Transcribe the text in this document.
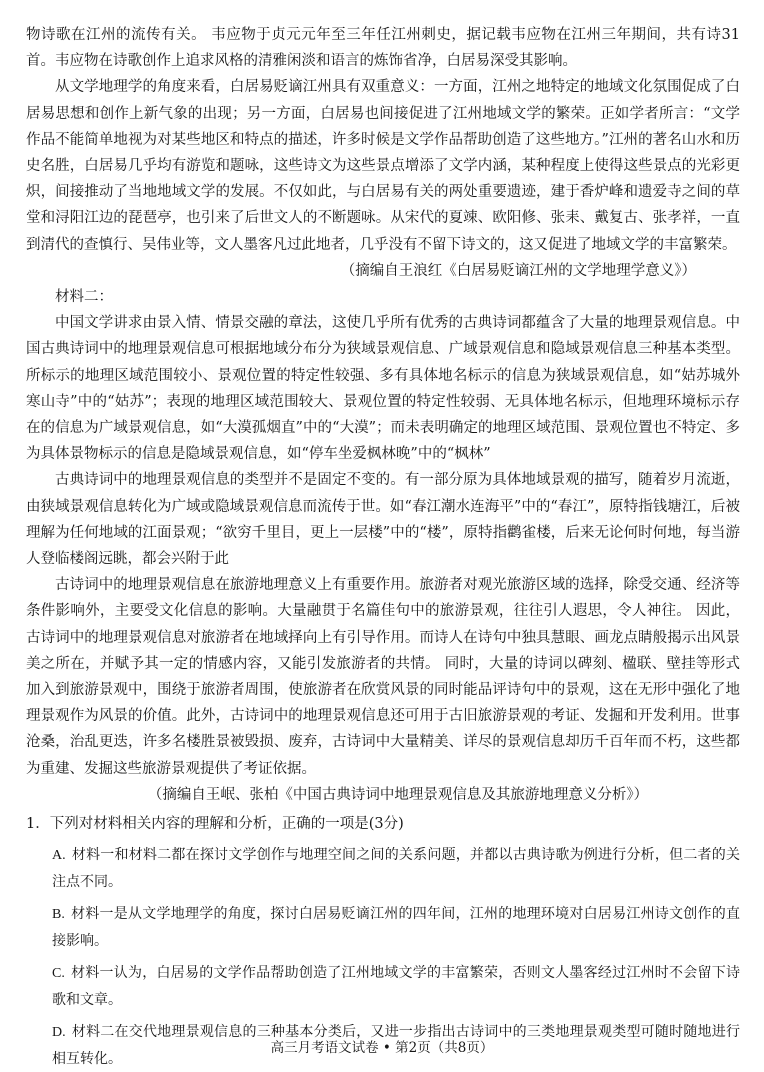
物诗歌在江州的流传有关。 韦应物于贞元元年至三年任江州刺史，据记载韦应物在江州三年期间，共有诗31首。韦应物在诗歌创作上追求风格的清雅闲淡和语言的炼饰省净，白居易深受其影响。

从文学地理学的角度来看，白居易贬谪江州具有双重意义：一方面，江州之地特定的地域文化氛围促成了白居易思想和创作上新气象的出现；另一方面，白居易也间接促进了江州地域文学的繁荣。正如学者所言：“文学作品不能简单地视为对某些地区和特点的描述，许多时候是文学作品帮助创造了这些地方。”江州的著名山水和历史名胜，白居易几乎均有游览和题咏，这些诗文为这些景点增添了文学内涵，某种程度上使得这些景点的光彩更炽，间接推动了当地地域文学的发展。不仅如此，与白居易有关的两处重要遗迹，建于香炉峰和遗爱寺之间的草堂和浔阳江边的琵琶亭，也引来了后世文人的不断题咏。从宋代的夏竦、欧阳修、张耒、戴复古、张孝祥，一直到清代的查慎行、吴伟业等，文人墨客凡过此地者，几乎没有不留下诗文的，这又促进了地域文学的丰富繁荣。

（摘编自王浪红《白居易贬谪江州的文学地理学意义》）

材料二：

中国文学讲求由景入情、情景交融的章法，这使几乎所有优秀的古典诗词都蕴含了大量的地理景观信息。中国古典诗词中的地理景观信息可根据地域分布分为狭域景观信息、广域景观信息和隐域景观信息三种基本类型。所标示的地理区域范围较小、景观位置的特定性较强、多有具体地名标示的信息为狭域景观信息，如“姑苏城外寒山寺”中的“姑苏”；表现的地理区域范围较大、景观位置的特定性较弱、无具体地名标示，但地理环境标示存在的信息为广域景观信息，如“大漠孤烟直”中的“大漠”；而未表明确定的地理区域范围、景观位置也不特定、多为具体景物标示的信息是隐域景观信息，如“停车坐爱枫林晚”中的“枫林”

古典诗词中的地理景观信息的类型并不是固定不变的。有一部分原为具体地域景观的描写，随着岁月流逝，由狭域景观信息转化为广域或隐域景观信息而流传于世。如“春江潮水连海平”中的“春江”，原特指钱塘江，后被理解为任何地域的江面景观；“欲穷千里目，更上一层楼”中的“楼”，原特指鹳雀楼，后来无论何时何地，每当游人登临楼阁远眺，都会兴附于此

古诗词中的地理景观信息在旅游地理意义上有重要作用。旅游者对观光旅游区域的选择，除受交通、经济等条件影响外，主要受文化信息的影响。大量融贯于名篇佳句中的旅游景观，往往引人遐思，令人神往。 因此，古诗词中的地理景观信息对旅游者在地域择向上有引导作用。而诗人在诗句中独具慧眼、画龙点睛般揭示出风景美之所在，并赋予其一定的情感内容，又能引发旅游者的共情。 同时，大量的诗词以碑刻、楹联、壁挂等形式加入到旅游景观中，围绕于旅游者周围，使旅游者在欣赏风景的同时能品评诗句中的景观，这在无形中强化了地理景观作为风景的价值。此外，古诗词中的地理景观信息还可用于古旧旅游景观的考证、发掘和开发利用。世事沧桑，治乱更迭，许多名楼胜景被毁损、废弃，古诗词中大量精美、详尽的景观信息却历千百年而不朽，这些都为重建、发掘这些旅游景观提供了考证依据。

（摘编自王岷、张柏《中国古典诗词中地理景观信息及其旅游地理意义分析》）

1．下列对材料相关内容的理解和分析，正确的一项是(3分)

A. 材料一和材料二都在探讨文学创作与地理空间之间的关系问题，并都以古典诗歌为例进行分析，但二者的关注点不同。

B. 材料一是从文学地理学的角度，探讨白居易贬谪江州的四年间，江州的地理环境对白居易江州诗文创作的直接影响。

C. 材料一认为，白居易的文学作品帮助创造了江州地域文学的丰富繁荣，否则文人墨客经过江州时不会留下诗歌和文章。

D. 材料二在交代地理景观信息的三种基本分类后，又进一步指出古诗词中的三类地理景观类型可随时随地进行相互转化。

高三月考语文试卷 • 第2页（共8页）
